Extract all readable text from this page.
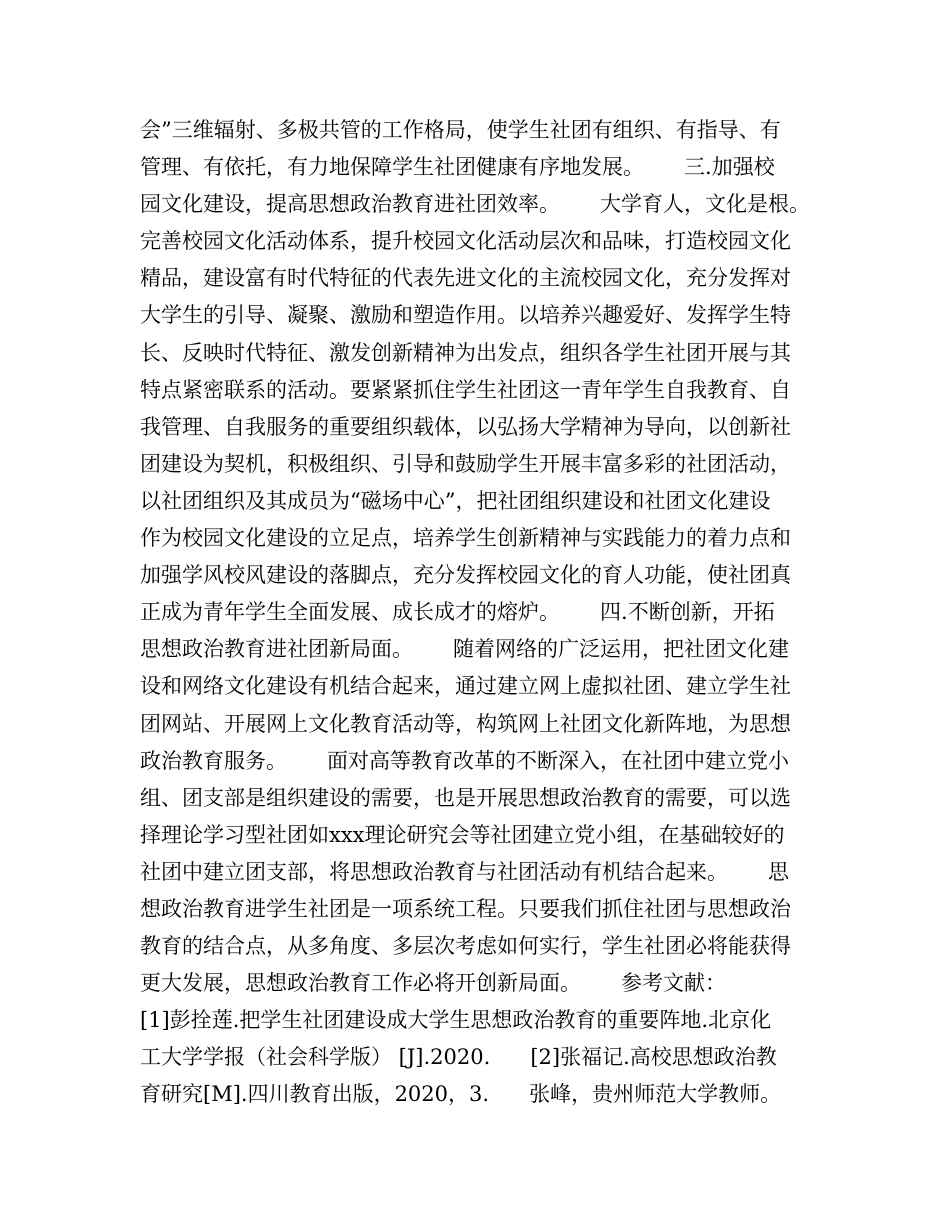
会”三维辐射、多极共管的工作格局，使学生社团有组织、有指导、有
管理、有依托，有力地保障学生社团健康有序地发展。      三.加强校
园文化建设，提高思想政治教育进社团效率。      大学育人，文化是根。
完善校园文化活动体系，提升校园文化活动层次和品味，打造校园文化
精品，建设富有时代特征的代表先进文化的主流校园文化，充分发挥对
大学生的引导、凝聚、激励和塑造作用。以培养兴趣爱好、发挥学生特
长、反映时代特征、激发创新精神为出发点，组织各学生社团开展与其
特点紧密联系的活动。要紧紧抓住学生社团这一青年学生自我教育、自
我管理、自我服务的重要组织载体，以弘扬大学精神为导向，以创新社
团建设为契机，积极组织、引导和鼓励学生开展丰富多彩的社团活动，
以社团组织及其成员为“磁场中心”，把社团组织建设和社团文化建设
作为校园文化建设的立足点，培养学生创新精神与实践能力的着力点和
加强学风校风建设的落脚点，充分发挥校园文化的育人功能，使社团真
正成为青年学生全面发展、成长成才的熔炉。      四.不断创新，开拓
思想政治教育进社团新局面。      随着网络的广泛运用，把社团文化建
设和网络文化建设有机结合起来，通过建立网上虚拟社团、建立学生社
团网站、开展网上文化教育活动等，构筑网上社团文化新阵地，为思想
政治教育服务。      面对高等教育改革的不断深入，在社团中建立党小
组、团支部是组织建设的需要，也是开展思想政治教育的需要，可以选
择理论学习型社团如xxx理论研究会等社团建立党小组，在基础较好的
社团中建立团支部，将思想政治教育与社团活动有机结合起来。      思
想政治教育进学生社团是一项系统工程。只要我们抓住社团与思想政治
教育的结合点，从多角度、多层次考虑如何实行，学生社团必将能获得
更大发展，思想政治教育工作必将开创新局面。      参考文献：
[1]彭拴莲.把学生社团建设成大学生思想政治教育的重要阵地.北京化
工大学学报（社会科学版） [J].2020.      [2]张福记.高校思想政治教
育研究[M].四川教育出版，2020，3.      张峰，贵州师范大学教师。
